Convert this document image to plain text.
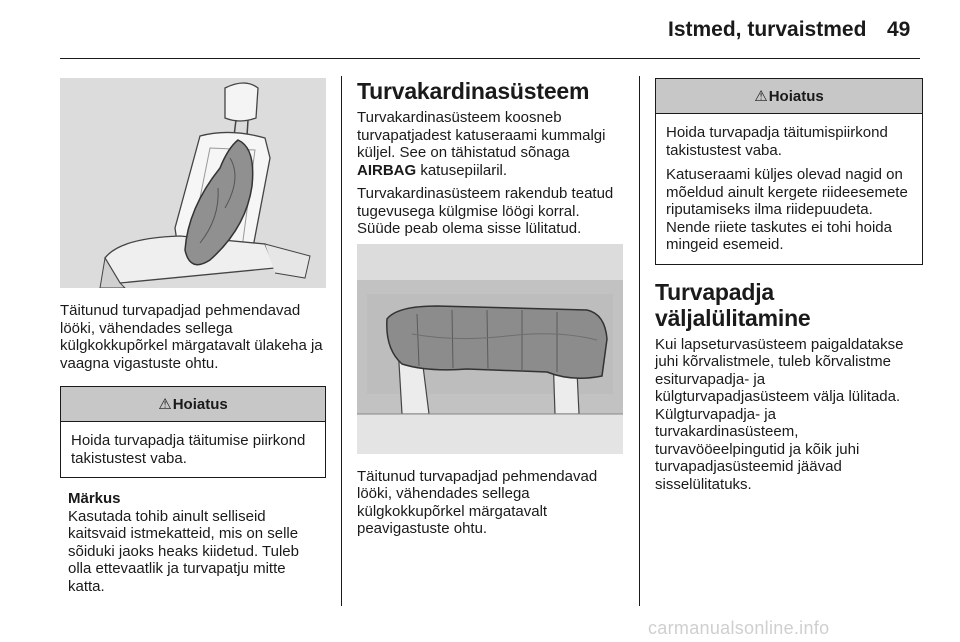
Istmed, turvaistmed 49

Täitunud turvapadjad pehmendavad lööki, vähendades sellega külgkokkupõrkel märgatavalt ülakeha ja vaagna vigastuste ohtu.

⚠Hoiatus

Hoida turvapadja täitumise piirkond takistustest vaba.

Märkus

Kasutada tohib ainult selliseid kaitsvaid istmekatteid, mis on selle sõiduki jaoks heaks kiidetud. Tuleb olla ettevaatlik ja turvapatju mitte katta.

Turvakardinasüsteem

Turvakardinasüsteem koosneb turvapatjadest katuseraami kummalgi küljel. See on tähistatud sõnaga AIRBAG katusepiilaril.

Turvakardinasüsteem rakendub teatud tugevusega külgmise löögi korral. Süüde peab olema sisse lülitatud.

Täitunud turvapadjad pehmendavad lööki, vähendades sellega külgkokkupõrkel märgatavalt peavigastuste ohtu.

⚠Hoiatus

Hoida turvapadja täitumispiirkond takistustest vaba.

Katuseraami küljes olevad nagid on mõeldud ainult kergete riideesemete riputamiseks ilma riidepuudeta. Nende riiete taskutes ei tohi hoida mingeid esemeid.

Turvapadja väljalülitamine

Kui lapseturvasüsteem paigaldatakse juhi kõrvalistmele, tuleb kõrvalistme esiturvapadja- ja külgturvapadjasüsteem välja lülitada. Külgturvapadja- ja turvakardinasüsteem, turvavööeelpingutid ja kõik juhi turvapadjasüsteemid jäävad sisselülitatuks.

carmanualsonline.info
